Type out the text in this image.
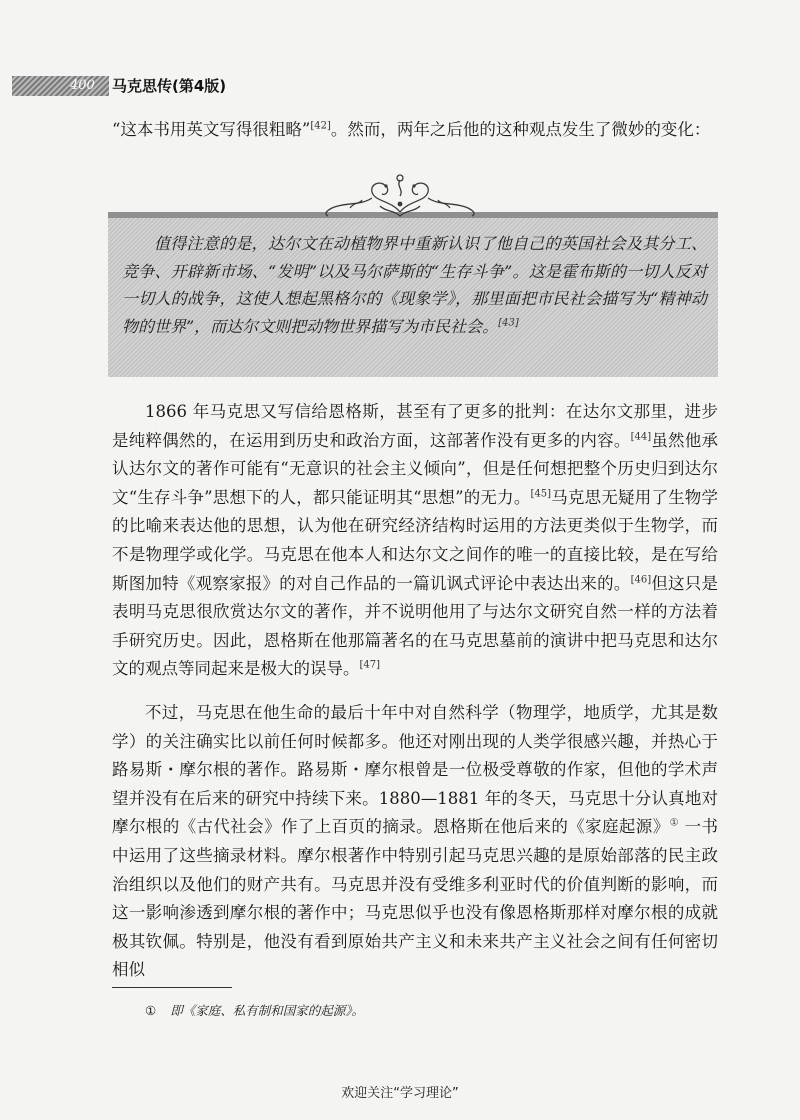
400 马克思传(第4版)
“这本书用英文写得很粗略”[42]。然而，两年之后他的这种观点发生了微妙的变化：
值得注意的是，达尔文在动植物界中重新认识了他自己的英国社会及其分工、竞争、开辟新市场、“发明”以及马尔萨斯的“生存斗争”。这是霍布斯的一切人反对一切人的战争，这使人想起黑格尔的《现象学》，那里面把市民社会描写为“精神动物的世界”，而达尔文则把动物世界描写为市民社会。[43]
1866 年马克思又写信给恩格斯，甚至有了更多的批判：在达尔文那里，进步是纯粹偶然的，在运用到历史和政治方面，这部著作没有更多的内容。[44]虽然他承认达尔文的著作可能有“无意识的社会主义倾向”，但是任何想把整个历史归到达尔文“生存斗争”思想下的人，都只能证明其“思想”的无力。[45]马克思无疑用了生物学的比喻来表达他的思想，认为他在研究经济结构时运用的方法更类似于生物学，而不是物理学或化学。马克思在他本人和达尔文之间作的唯一的直接比较，是在写给斯图加特《观察家报》的对自己作品的一篇讥讽式评论中表达出来的。[46]但这只是表明马克思很欣赏达尔文的著作，并不说明他用了与达尔文研究自然一样的方法着手研究历史。因此，恩格斯在他那篇著名的在马克思墓前的演讲中把马克思和达尔文的观点等同起来是极大的误导。[47]
不过，马克思在他生命的最后十年中对自然科学（物理学，地质学，尤其是数学）的关注确实比以前任何时候都多。他还对刚出现的人类学很感兴趣，并热心于路易斯・摩尔根的著作。路易斯・摩尔根曾是一位极受尊敬的作家，但他的学术声望并没有在后来的研究中持续下来。1880—1881 年的冬天，马克思十分认真地对摩尔根的《古代社会》作了上百页的摘录。恩格斯在他后来的《家庭起源》① 一书中运用了这些摘录材料。摩尔根著作中特别引起马克思兴趣的是原始部落的民主政治组织以及他们的财产共有。马克思并没有受维多利亚时代的价值判断的影响，而这一影响渗透到摩尔根的著作中；马克思似乎也没有像恩格斯那样对摩尔根的成就极其钦佩。特别是，他没有看到原始共产主义和未来共产主义社会之间有任何密切相似
① 即《家庭、私有制和国家的起源》。
欢迎关注“学习理论”
